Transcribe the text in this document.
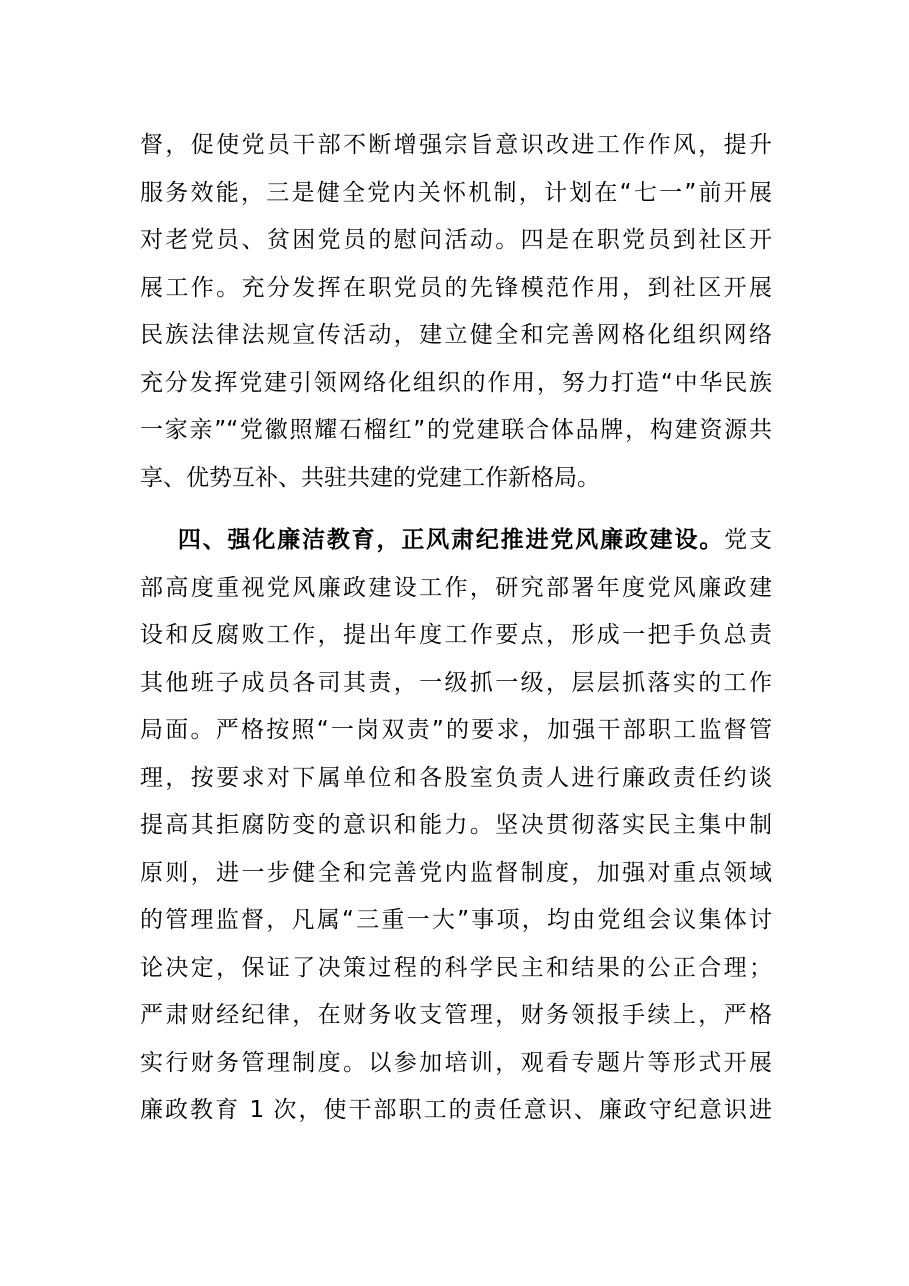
督，促使党员干部不断增强宗旨意识改进工作作风，提升
服务效能，三是健全党内关怀机制，计划在“七一”前开展
对老党员、贫困党员的慰问活动。四是在职党员到社区开
展工作。充分发挥在职党员的先锋模范作用，到社区开展
民族法律法规宣传活动，建立健全和完善网格化组织网络
充分发挥党建引领网络化组织的作用，努力打造“中华民族
一家亲”“党徽照耀石榴红”的党建联合体品牌，构建资源共
享、优势互补、共驻共建的党建工作新格局。
四、强化廉洁教育，正风肃纪推进党风廉政建设。党支
部高度重视党风廉政建设工作，研究部署年度党风廉政建
设和反腐败工作，提出年度工作要点，形成一把手负总责
其他班子成员各司其责，一级抓一级，层层抓落实的工作
局面。严格按照“一岗双责”的要求，加强干部职工监督管
理，按要求对下属单位和各股室负责人进行廉政责任约谈
提高其拒腐防变的意识和能力。坚决贯彻落实民主集中制
原则，进一步健全和完善党内监督制度，加强对重点领域
的管理监督，凡属“三重一大”事项，均由党组会议集体讨
论决定，保证了决策过程的科学民主和结果的公正合理；
严肃财经纪律，在财务收支管理，财务领报手续上，严格
实行财务管理制度。以参加培训，观看专题片等形式开展
廉政教育 1 次，使干部职工的责任意识、廉政守纪意识进
